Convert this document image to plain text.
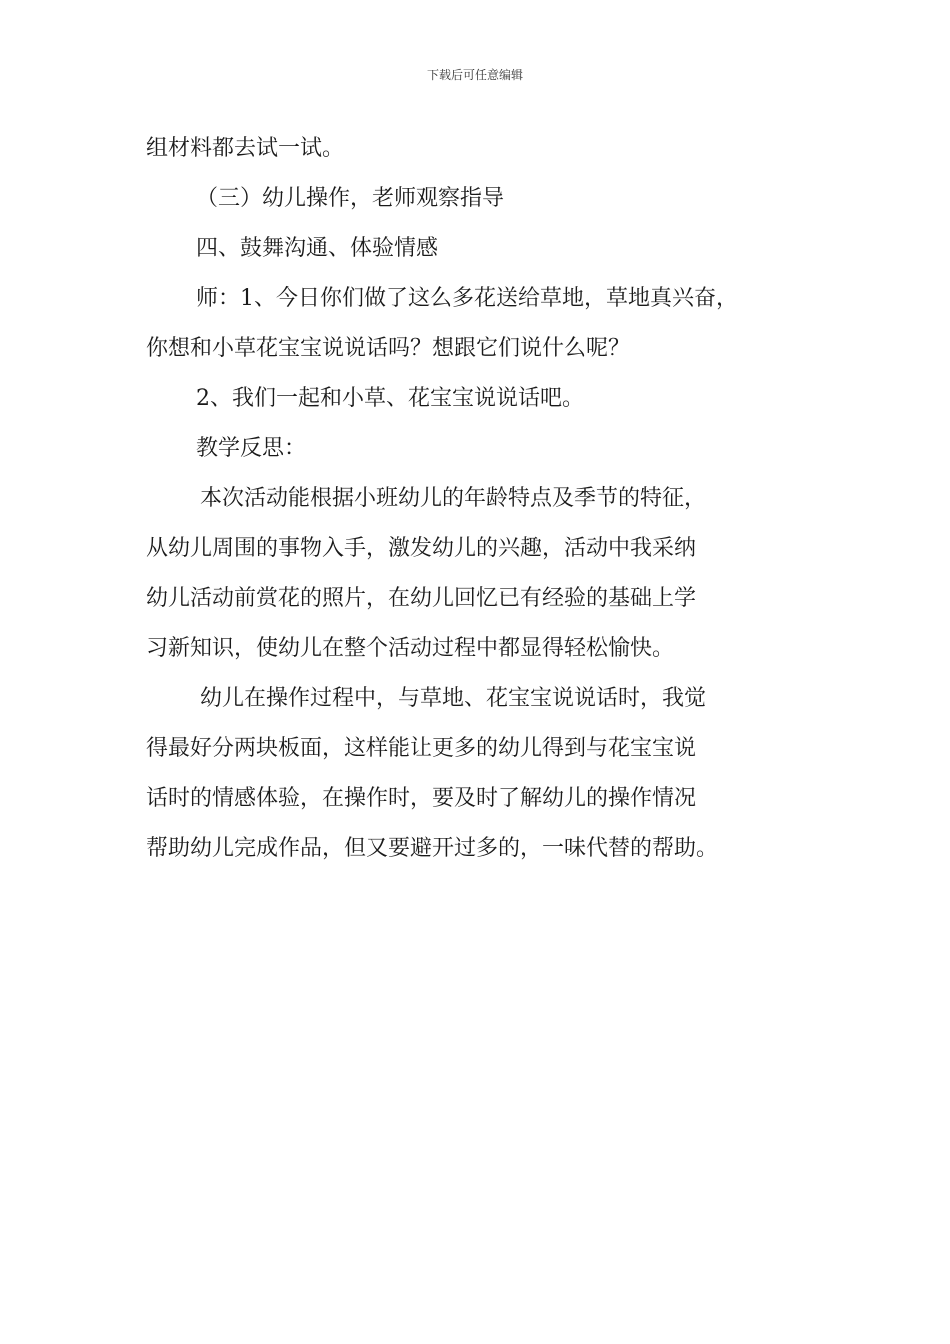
下载后可任意编辑
组材料都去试一试。
（三）幼儿操作，老师观察指导
四、鼓舞沟通、体验情感
师：1、今日你们做了这么多花送给草地，草地真兴奋，
你想和小草花宝宝说说话吗？想跟它们说什么呢？
2、我们一起和小草、花宝宝说说话吧。
教学反思：
本次活动能根据小班幼儿的年龄特点及季节的特征，
从幼儿周围的事物入手，激发幼儿的兴趣，活动中我采纳
幼儿活动前赏花的照片，在幼儿回忆已有经验的基础上学
习新知识，使幼儿在整个活动过程中都显得轻松愉快。
幼儿在操作过程中，与草地、花宝宝说说话时，我觉
得最好分两块板面，这样能让更多的幼儿得到与花宝宝说
话时的情感体验，在操作时，要及时了解幼儿的操作情况
帮助幼儿完成作品，但又要避开过多的，一味代替的帮助。
